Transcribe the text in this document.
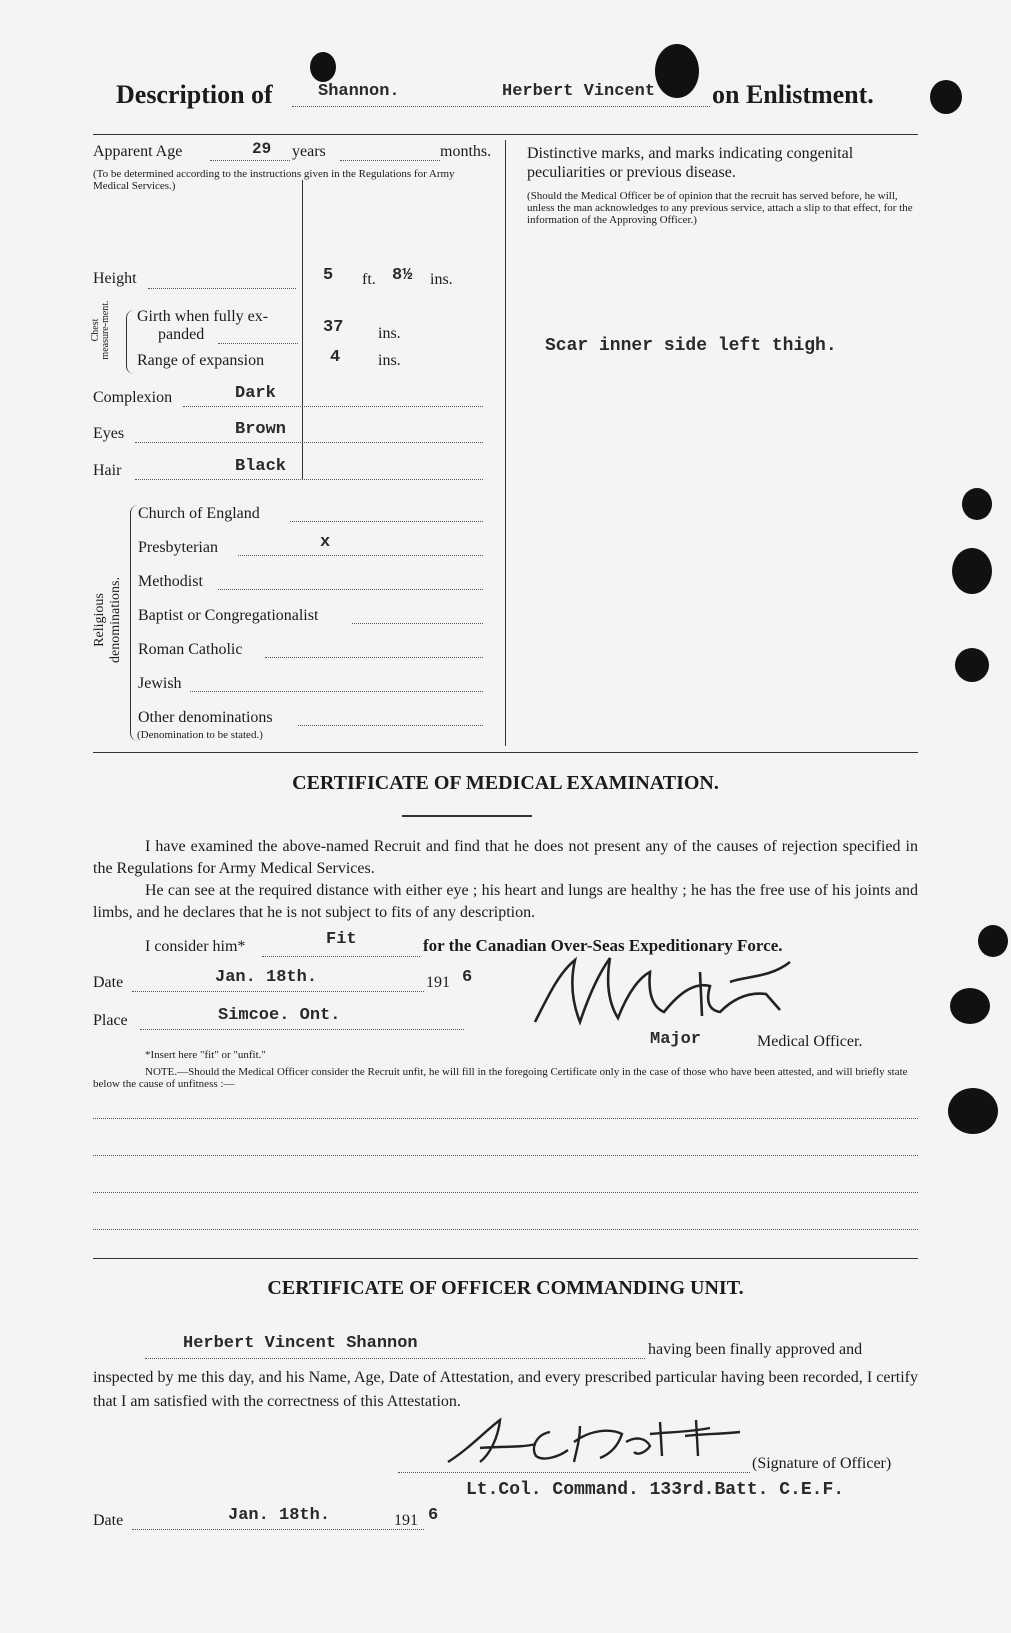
Description of	Shannon.	Herbert Vincent on Enlistment.
Apparent Age	29 years	months.
(To be determined according to the instructions given in the Regulations for Army Medical Services.)
Height	5 ft. 8½ ins.
Chest measure-ment. Girth when fully ex-
panded	37 ins.
Range of expansion	4 ins.
Complexion	Dark
Eyes	Brown
Hair	Black
Religious denominations.
Church of England
Presbyterian	x
Methodist
Baptist or Congregationalist
Roman Catholic
Jewish
Other denominations
(Denomination to be stated.)
Distinctive marks, and marks indicating congenital peculiarities or previous disease.
(Should the Medical Officer be of opinion that the recruit has served before, he will, unless the man acknowledges to any previous service, attach a slip to that effect, for the information of the Approving Officer.)
Scar inner side left thigh.
CERTIFICATE OF MEDICAL EXAMINATION.
I have examined the above-named Recruit and find that he does not present any of the causes of rejection specified in the Regulations for Army Medical Services.
He can see at the required distance with either eye ; his heart and lungs are healthy ; he has the free use of his joints and limbs, and he declares that he is not subject to fits of any description.
I consider him*	Fit	for the Canadian Over-Seas Expeditionary Force.
Date	Jan. 18th.	191 6
Place	Simcoe. Ont.
Major	Medical Officer.
*Insert here "fit" or "unfit."
NOTE.—Should the Medical Officer consider the Recruit unfit, he will fill in the foregoing Certificate only in the case of those who have been attested, and will briefly state below the cause of unfitness :—
CERTIFICATE OF OFFICER COMMANDING UNIT.
Herbert Vincent Shannon	having been finally approved and
inspected by me this day, and his Name, Age, Date of Attestation, and every prescribed particular having been recorded, I certify that I am satisfied with the correctness of this Attestation.
(Signature of Officer)
Lt.Col. Command. 133rd.Batt. C.E.F.
Date	Jan. 18th.	191 6
